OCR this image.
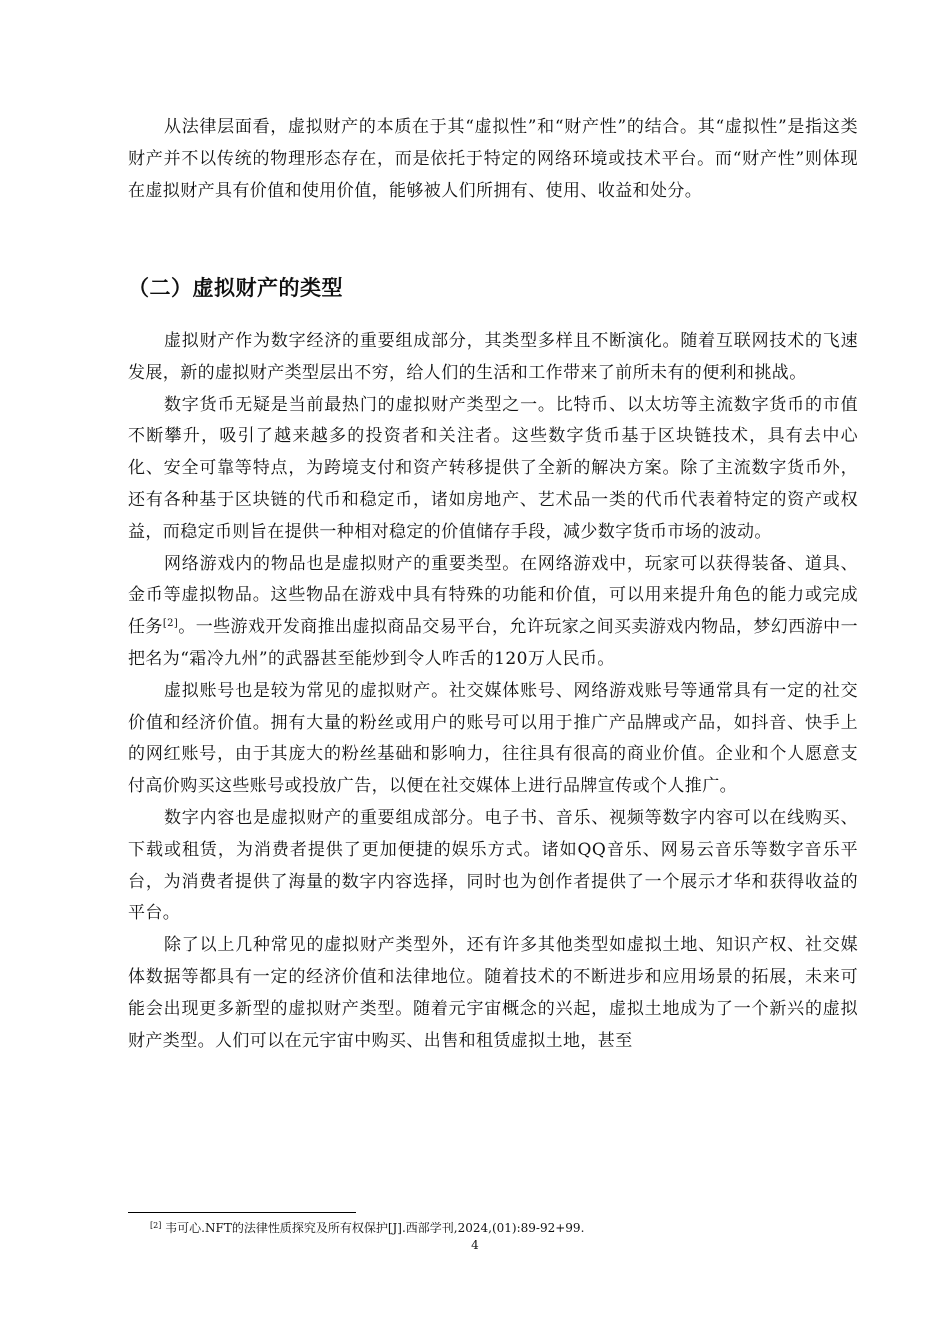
从法律层面看，虚拟财产的本质在于其“虚拟性”和“财产性”的结合。其“虚拟性”是指这类财产并不以传统的物理形态存在，而是依托于特定的网络环境或技术平台。而“财产性”则体现在虚拟财产具有价值和使用价值，能够被人们所拥有、使用、收益和处分。

（二）虚拟财产的类型

虚拟财产作为数字经济的重要组成部分，其类型多样且不断演化。随着互联网技术的飞速发展，新的虚拟财产类型层出不穷，给人们的生活和工作带来了前所未有的便利和挑战。

数字货币无疑是当前最热门的虚拟财产类型之一。比特币、以太坊等主流数字货币的市值不断攀升，吸引了越来越多的投资者和关注者。这些数字货币基于区块链技术，具有去中心化、安全可靠等特点，为跨境支付和资产转移提供了全新的解决方案。除了主流数字货币外，还有各种基于区块链的代币和稳定币，诸如房地产、艺术品一类的代币代表着特定的资产或权益，而稳定币则旨在提供一种相对稳定的价值储存手段，减少数字货币市场的波动。

网络游戏内的物品也是虚拟财产的重要类型。在网络游戏中，玩家可以获得装备、道具、金币等虚拟物品。这些物品在游戏中具有特殊的功能和价值，可以用来提升角色的能力或完成任务[2]。一些游戏开发商推出虚拟商品交易平台，允许玩家之间买卖游戏内物品，梦幻西游中一把名为“霜冷九州”的武器甚至能炒到令人咋舌的120万人民币。

虚拟账号也是较为常见的虚拟财产。社交媒体账号、网络游戏账号等通常具有一定的社交价值和经济价值。拥有大量的粉丝或用户的账号可以用于推广产品牌或产品，如抖音、快手上的网红账号，由于其庞大的粉丝基础和影响力，往往具有很高的商业价值。企业和个人愿意支付高价购买这些账号或投放广告，以便在社交媒体上进行品牌宣传或个人推广。

数字内容也是虚拟财产的重要组成部分。电子书、音乐、视频等数字内容可以在线购买、下载或租赁，为消费者提供了更加便捷的娱乐方式。诸如QQ音乐、网易云音乐等数字音乐平台，为消费者提供了海量的数字内容选择，同时也为创作者提供了一个展示才华和获得收益的平台。

除了以上几种常见的虚拟财产类型外，还有许多其他类型如虚拟土地、知识产权、社交媒体数据等都具有一定的经济价值和法律地位。随着技术的不断进步和应用场景的拓展，未来可能会出现更多新型的虚拟财产类型。随着元宇宙概念的兴起，虚拟土地成为了一个新兴的虚拟财产类型。人们可以在元宇宙中购买、出售和租赁虚拟土地，甚至

[2] 韦可心.NFT的法律性质探究及所有权保护[J].西部学刊,2024,(01):89-92+99.
4
